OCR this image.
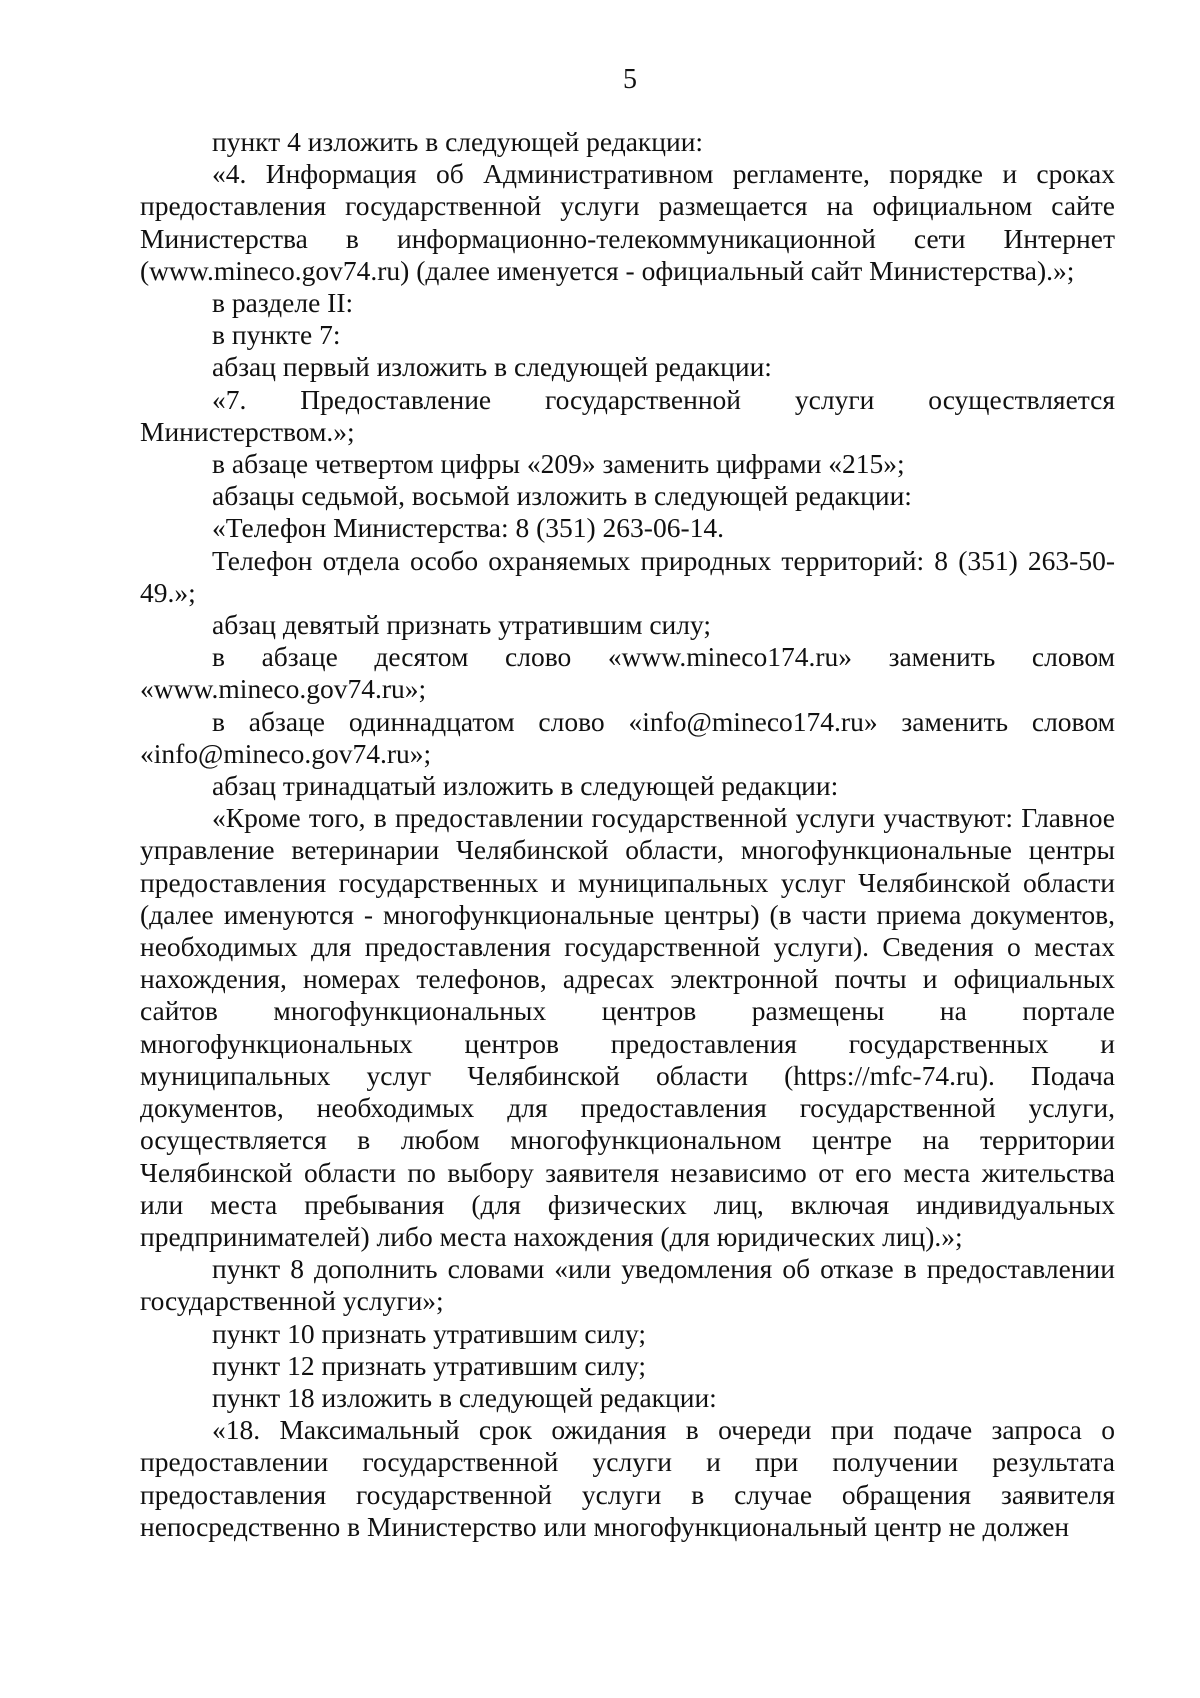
5

пункт 4 изложить в следующей редакции:

«4. Информация об Административном регламенте, порядке и сроках предоставления государственной услуги размещается на официальном сайте Министерства в информационно-телекоммуникационной сети Интернет (www.mineco.gov74.ru) (далее именуется - официальный сайт Министерства).»;

в разделе II:

в пункте 7:

абзац первый изложить в следующей редакции:

«7. Предоставление государственной услуги осуществляется Министерством.»;

в абзаце четвертом цифры «209» заменить цифрами «215»;

абзацы седьмой, восьмой изложить в следующей редакции:

«Телефон Министерства: 8 (351) 263-06-14.

Телефон отдела особо охраняемых природных территорий: 8 (351) 263-50-49.»;

абзац девятый признать утратившим силу;

в абзаце десятом слово «www.mineco174.ru» заменить словом «www.mineco.gov74.ru»;

в абзаце одиннадцатом слово «info@mineco174.ru» заменить словом «info@mineco.gov74.ru»;

абзац тринадцатый изложить в следующей редакции:

«Кроме того, в предоставлении государственной услуги участвуют: Главное управление ветеринарии Челябинской области, многофункциональные центры предоставления государственных и муниципальных услуг Челябинской области (далее именуются - многофункциональные центры) (в части приема документов, необходимых для предоставления государственной услуги). Сведения о местах нахождения, номерах телефонов, адресах электронной почты и официальных сайтов многофункциональных центров размещены на портале многофункциональных центров предоставления государственных и муниципальных услуг Челябинской области (https://mfc-74.ru). Подача документов, необходимых для предоставления государственной услуги, осуществляется в любом многофункциональном центре на территории Челябинской области по выбору заявителя независимо от его места жительства или места пребывания (для физических лиц, включая индивидуальных предпринимателей) либо места нахождения (для юридических лиц).»;

пункт 8 дополнить словами «или уведомления об отказе в предоставлении государственной услуги»;

пункт 10 признать утратившим силу;

пункт 12 признать утратившим силу;

пункт 18 изложить в следующей редакции:

«18. Максимальный срок ожидания в очереди при подаче запроса о предоставлении государственной услуги и при получении результата предоставления государственной услуги в случае обращения заявителя непосредственно в Министерство или многофункциональный центр не должен
